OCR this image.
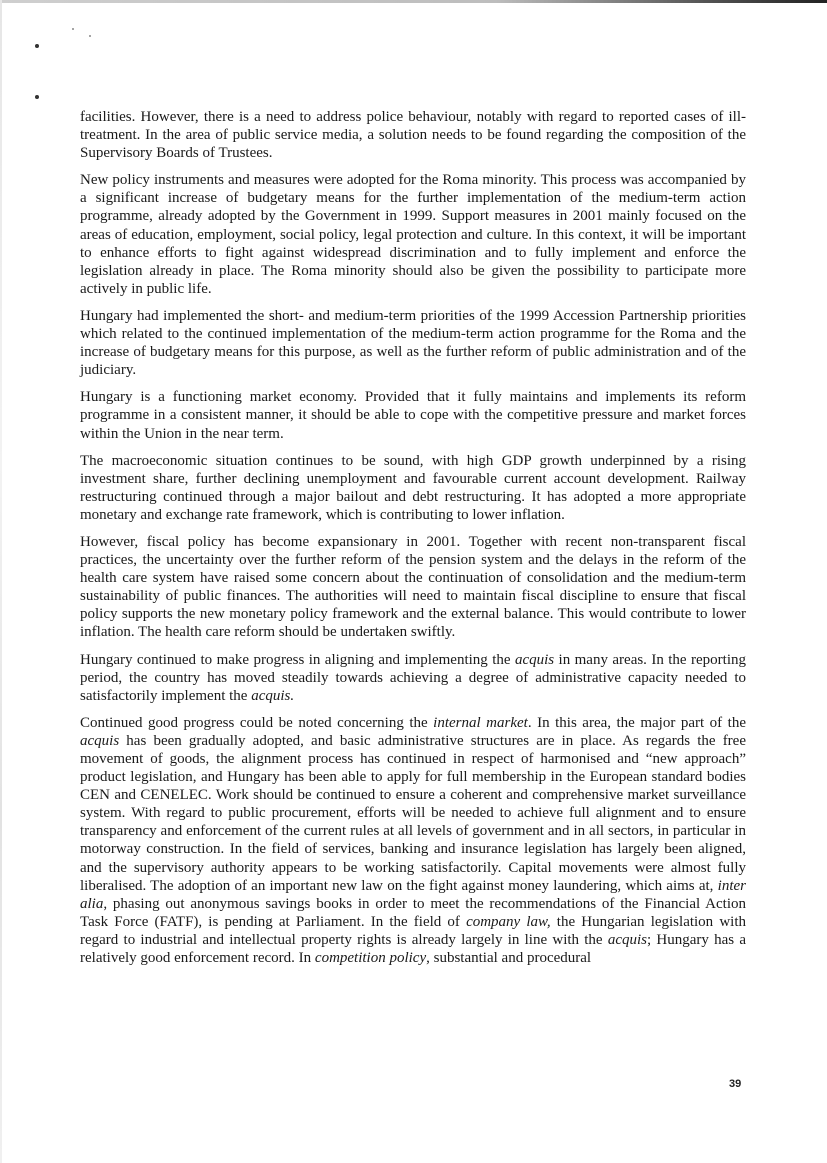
facilities. However, there is a need to address police behaviour, notably with regard to reported cases of ill-treatment. In the area of public service media, a solution needs to be found regarding the composition of the Supervisory Boards of Trustees.

New policy instruments and measures were adopted for the Roma minority. This process was accompanied by a significant increase of budgetary means for the further implementation of the medium-term action programme, already adopted by the Government in 1999. Support measures in 2001 mainly focused on the areas of education, employment, social policy, legal protection and culture. In this context, it will be important to enhance efforts to fight against widespread discrimination and to fully implement and enforce the legislation already in place. The Roma minority should also be given the possibility to participate more actively in public life.

Hungary had implemented the short- and medium-term priorities of the 1999 Accession Partnership priorities which related to the continued implementation of the medium-term action programme for the Roma and the increase of budgetary means for this purpose, as well as the further reform of public administration and of the judiciary.

Hungary is a functioning market economy. Provided that it fully maintains and implements its reform programme in a consistent manner, it should be able to cope with the competitive pressure and market forces within the Union in the near term.

The macroeconomic situation continues to be sound, with high GDP growth underpinned by a rising investment share, further declining unemployment and favourable current account development. Railway restructuring continued through a major bailout and debt restructuring. It has adopted a more appropriate monetary and exchange rate framework, which is contributing to lower inflation.

However, fiscal policy has become expansionary in 2001. Together with recent non-transparent fiscal practices, the uncertainty over the further reform of the pension system and the delays in the reform of the health care system have raised some concern about the continuation of consolidation and the medium-term sustainability of public finances. The authorities will need to maintain fiscal discipline to ensure that fiscal policy supports the new monetary policy framework and the external balance. This would contribute to lower inflation. The health care reform should be undertaken swiftly.

Hungary continued to make progress in aligning and implementing the acquis in many areas. In the reporting period, the country has moved steadily towards achieving a degree of administrative capacity needed to satisfactorily implement the acquis.

Continued good progress could be noted concerning the internal market. In this area, the major part of the acquis has been gradually adopted, and basic administrative structures are in place. As regards the free movement of goods, the alignment process has continued in respect of harmonised and “new approach” product legislation, and Hungary has been able to apply for full membership in the European standard bodies CEN and CENELEC. Work should be continued to ensure a coherent and comprehensive market surveillance system. With regard to public procurement, efforts will be needed to achieve full alignment and to ensure transparency and enforcement of the current rules at all levels of government and in all sectors, in particular in motorway construction. In the field of services, banking and insurance legislation has largely been aligned, and the supervisory authority appears to be working satisfactorily. Capital movements were almost fully liberalised. The adoption of an important new law on the fight against money laundering, which aims at, inter alia, phasing out anonymous savings books in order to meet the recommendations of the Financial Action Task Force (FATF), is pending at Parliament. In the field of company law, the Hungarian legislation with regard to industrial and intellectual property rights is already largely in line with the acquis; Hungary has a relatively good enforcement record. In competition policy, substantial and procedural

39
